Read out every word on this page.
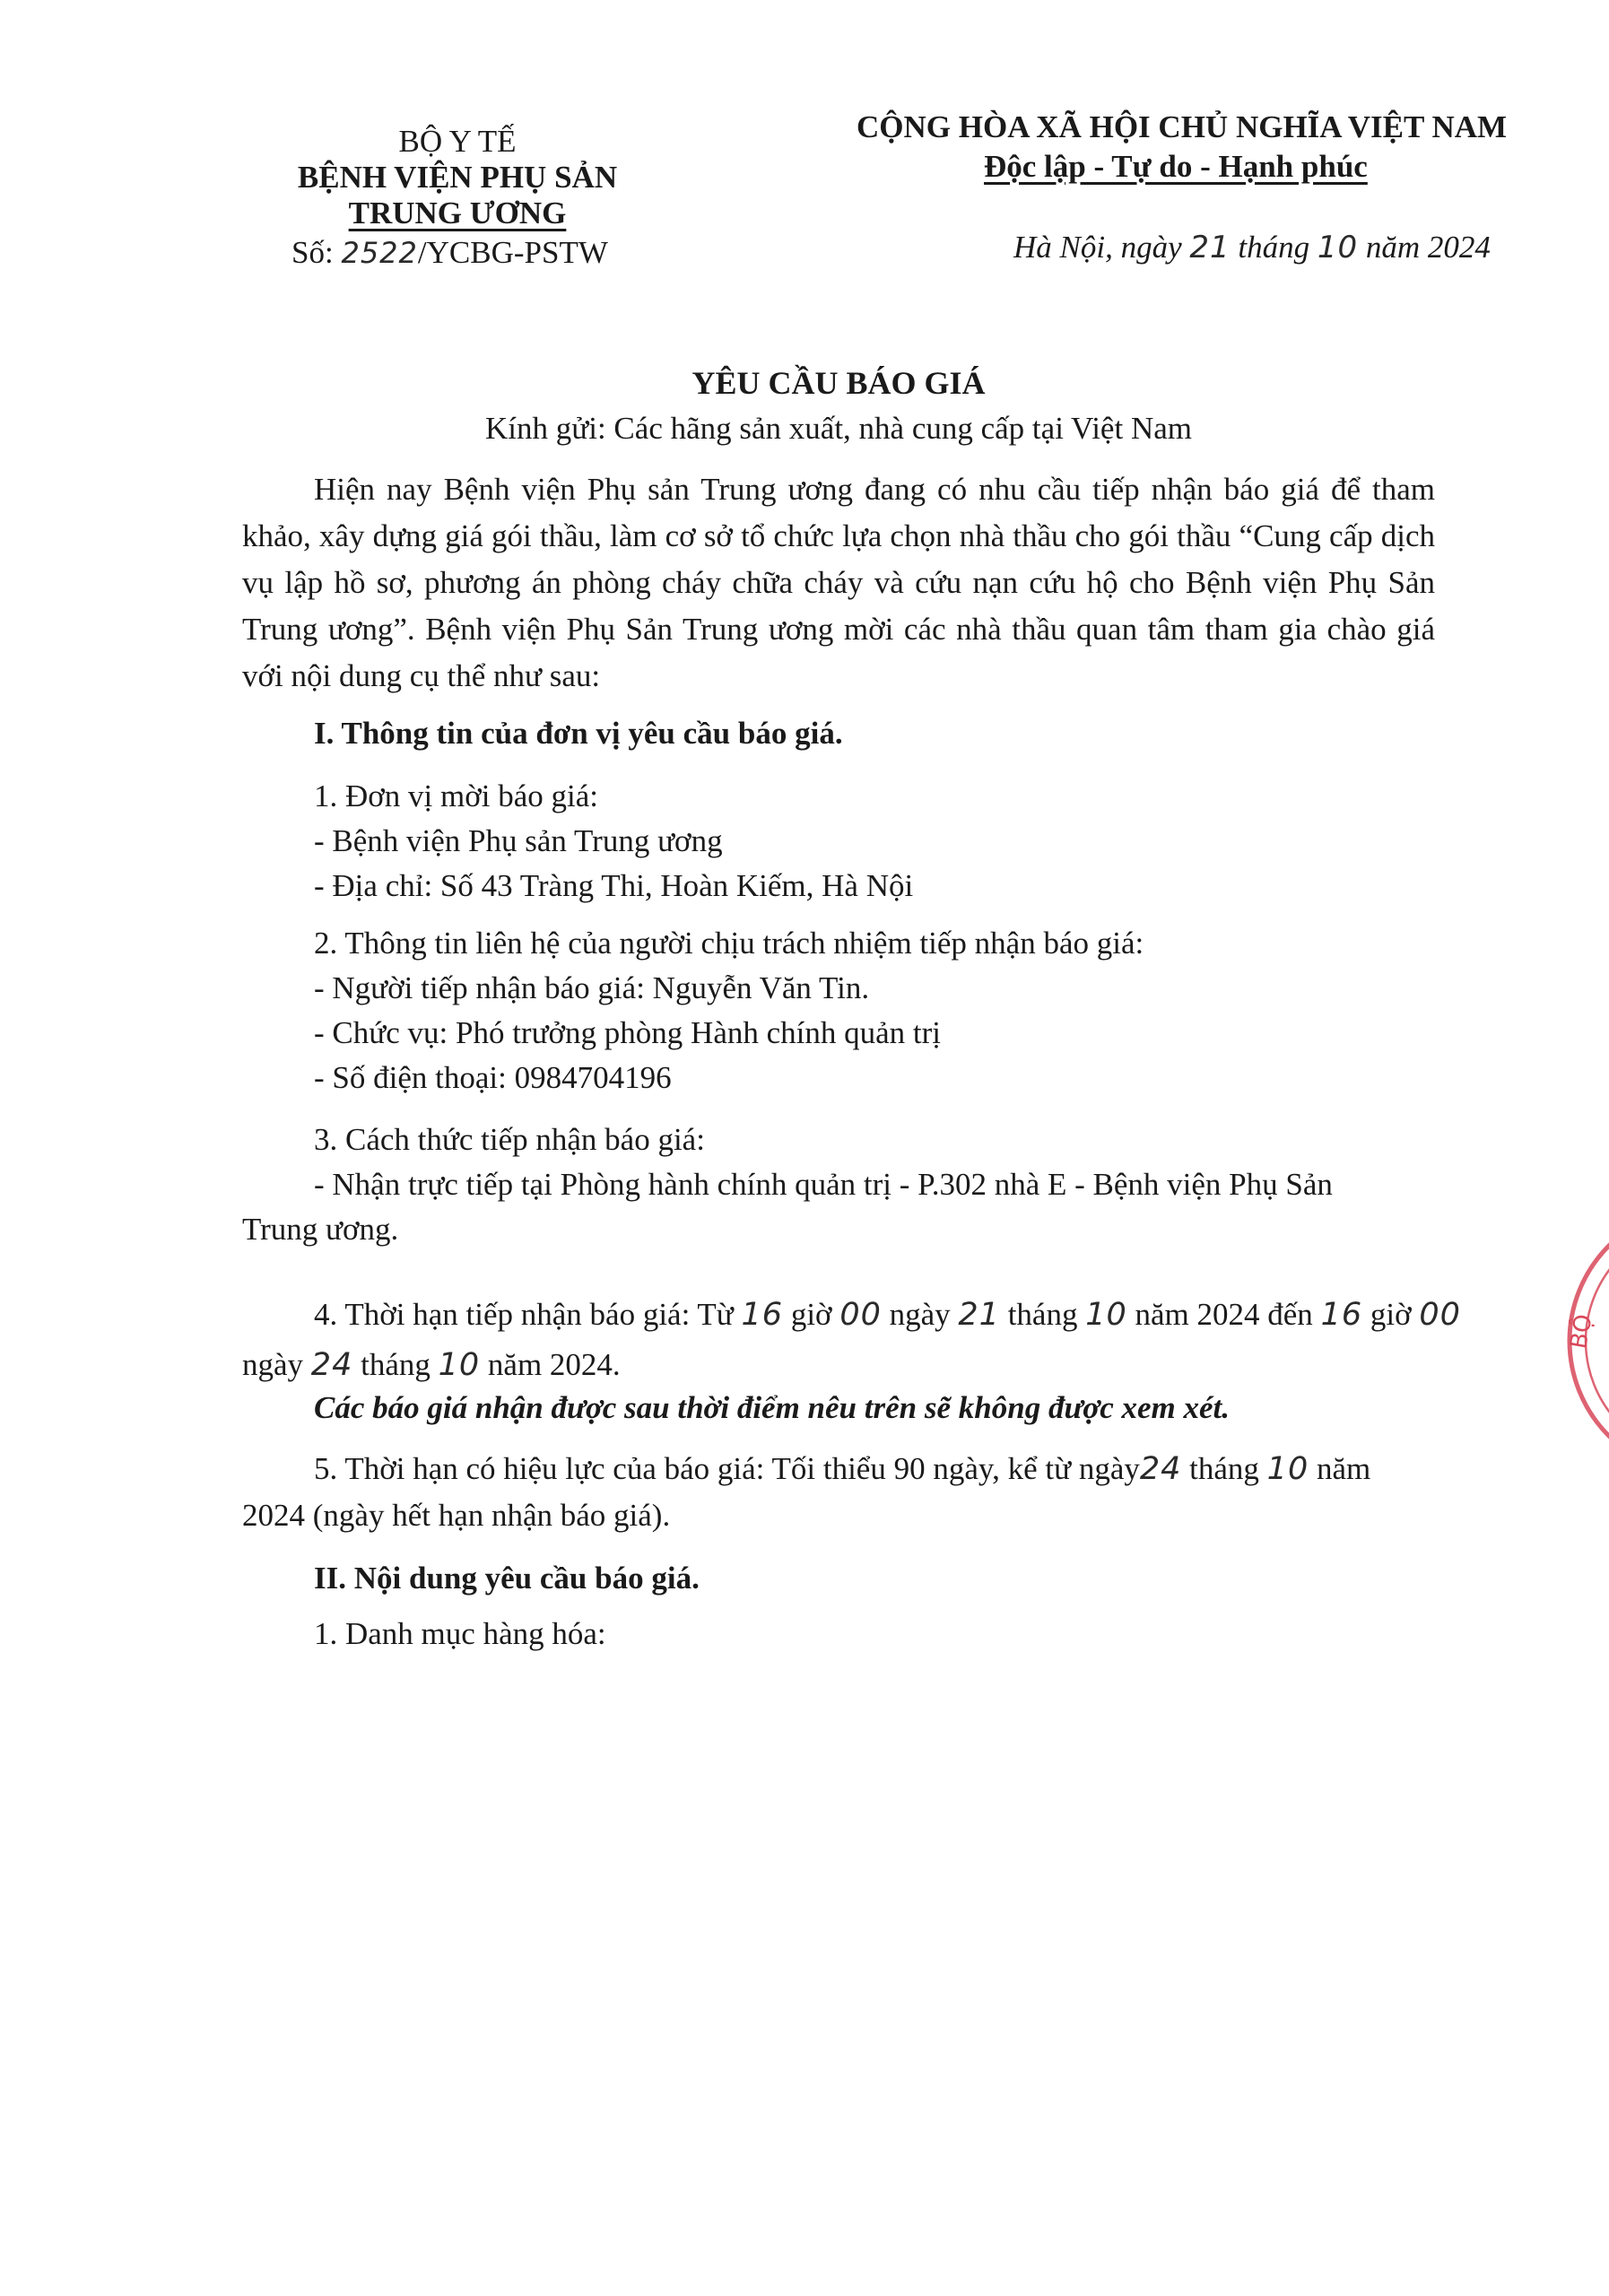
BỘ Y TẾ
BỆNH VIỆN PHỤ SẢN
TRUNG ƯƠNG
Số: 2522/YCBG-PSTW
CỘNG HÒA XÃ HỘI CHỦ NGHĨA VIỆT NAM
Độc lập - Tự do - Hạnh phúc
Hà Nội, ngày 21 tháng 10 năm 2024
YÊU CẦU BÁO GIÁ
Kính gửi: Các hãng sản xuất, nhà cung cấp tại Việt Nam
Hiện nay Bệnh viện Phụ sản Trung ương đang có nhu cầu tiếp nhận báo giá để tham khảo, xây dựng giá gói thầu, làm cơ sở tổ chức lựa chọn nhà thầu cho gói thầu “Cung cấp dịch vụ lập hồ sơ, phương án phòng cháy chữa cháy và cứu nạn cứu hộ cho Bệnh viện Phụ Sản Trung ương”. Bệnh viện Phụ Sản Trung ương mời các nhà thầu quan tâm tham gia chào giá với nội dung cụ thể như sau:
I. Thông tin của đơn vị yêu cầu báo giá.
1. Đơn vị mời báo giá:
- Bệnh viện Phụ sản Trung ương
- Địa chỉ: Số 43 Tràng Thi, Hoàn Kiếm, Hà Nội
2. Thông tin liên hệ của người chịu trách nhiệm tiếp nhận báo giá:
- Người tiếp nhận báo giá: Nguyễn Văn Tin.
- Chức vụ: Phó trưởng phòng Hành chính quản trị
- Số điện thoại: 0984704196
3. Cách thức tiếp nhận báo giá:
- Nhận trực tiếp tại Phòng hành chính quản trị - P.302 nhà E - Bệnh viện Phụ Sản
Trung ương.
4. Thời hạn tiếp nhận báo giá: Từ 16 giờ 00 ngày 21 tháng 10 năm 2024 đến 16 giờ 00
ngày 24 tháng 10 năm 2024.
Các báo giá nhận được sau thời điểm nêu trên sẽ không được xem xét.
5. Thời hạn có hiệu lực của báo giá: Tối thiểu 90 ngày, kể từ ngày24 tháng 10 năm
2024 (ngày hết hạn nhận báo giá).
II. Nội dung yêu cầu báo giá.
1. Danh mục hàng hóa:
BỘ
